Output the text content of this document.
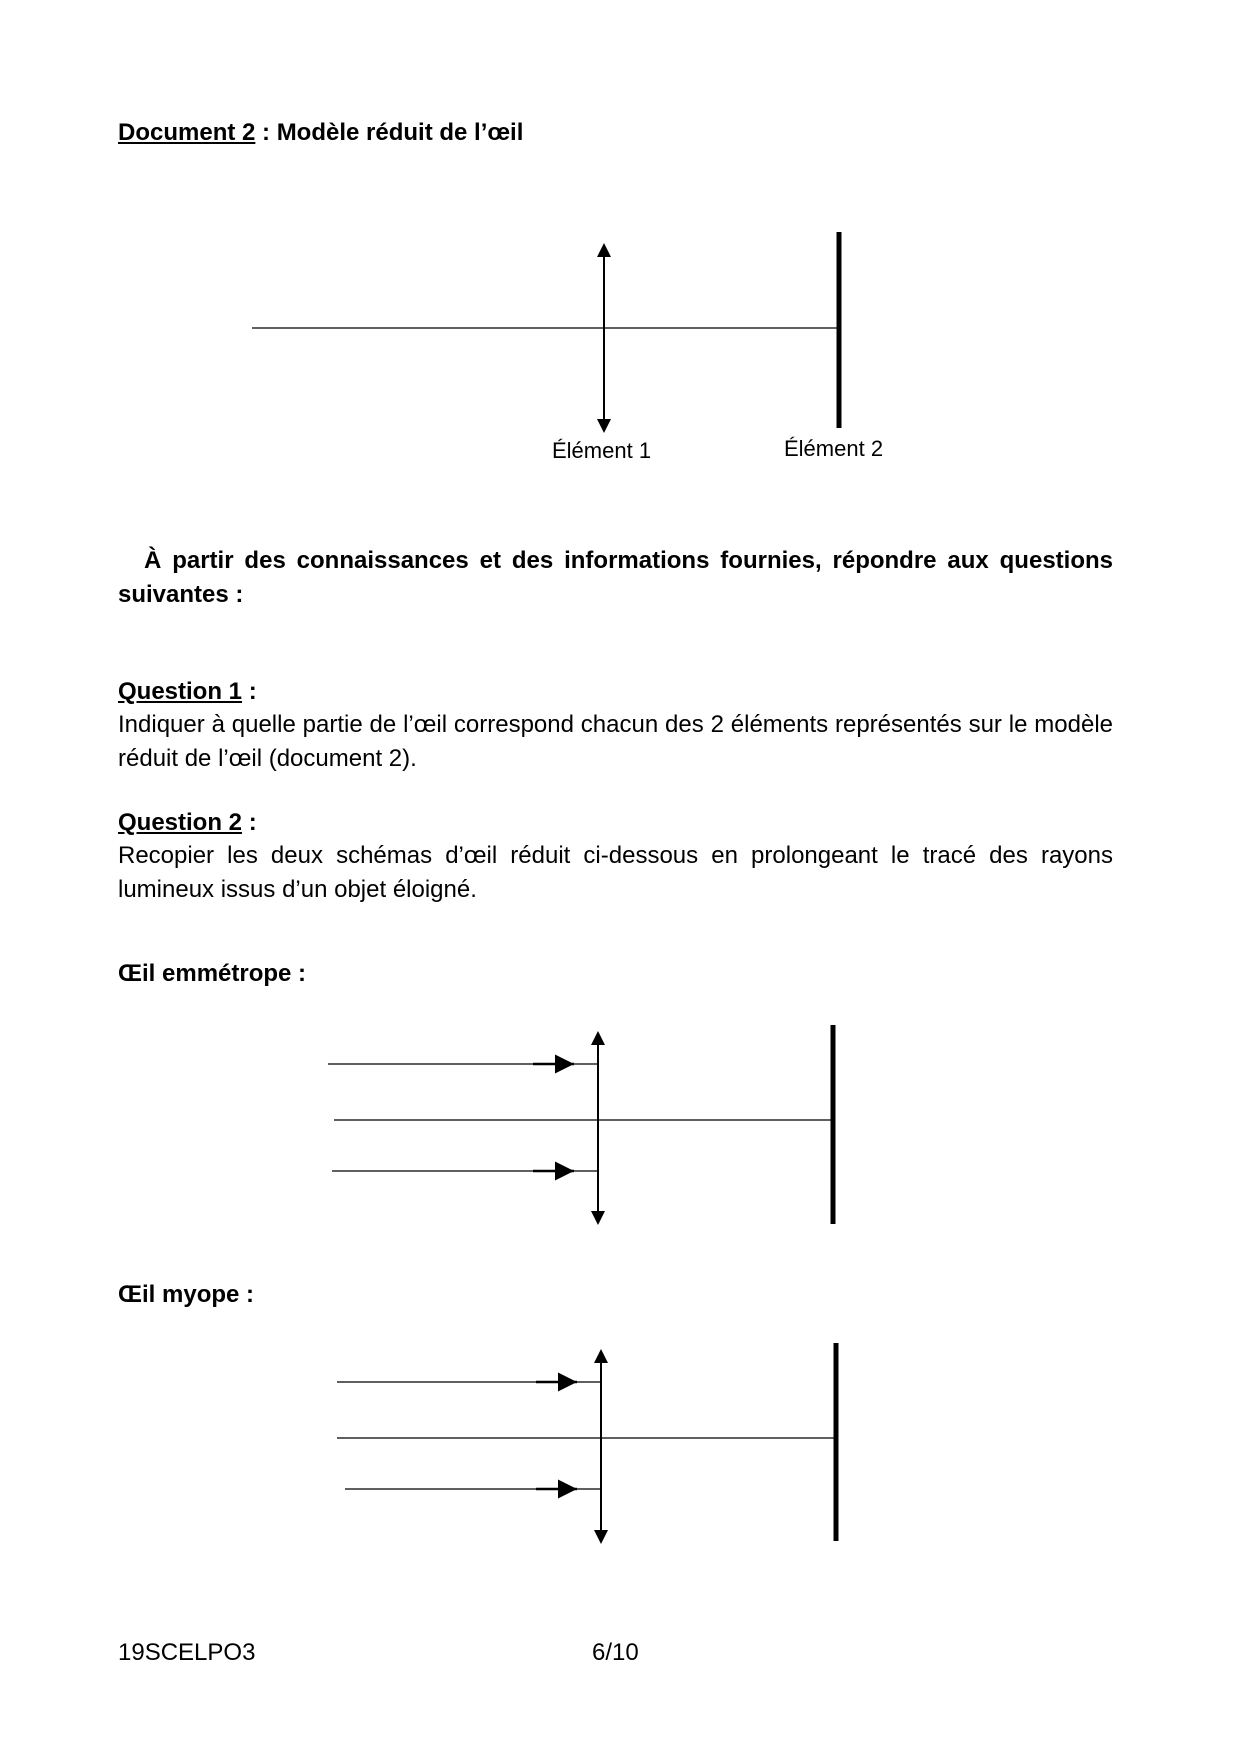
Document 2 : Modèle réduit de l’œil
Élément 1	Élément 2
À partir des connaissances et des informations fournies, répondre aux questions suivantes :
Question 1 :
Indiquer à quelle partie de l’œil correspond chacun des 2 éléments représentés sur le modèle réduit de l’œil (document 2).
Question 2 :
Recopier les deux schémas d’œil réduit ci-dessous en prolongeant le tracé des rayons lumineux issus d’un objet éloigné.
Œil emmétrope :
Œil myope :
19SCELPO3	6/10
